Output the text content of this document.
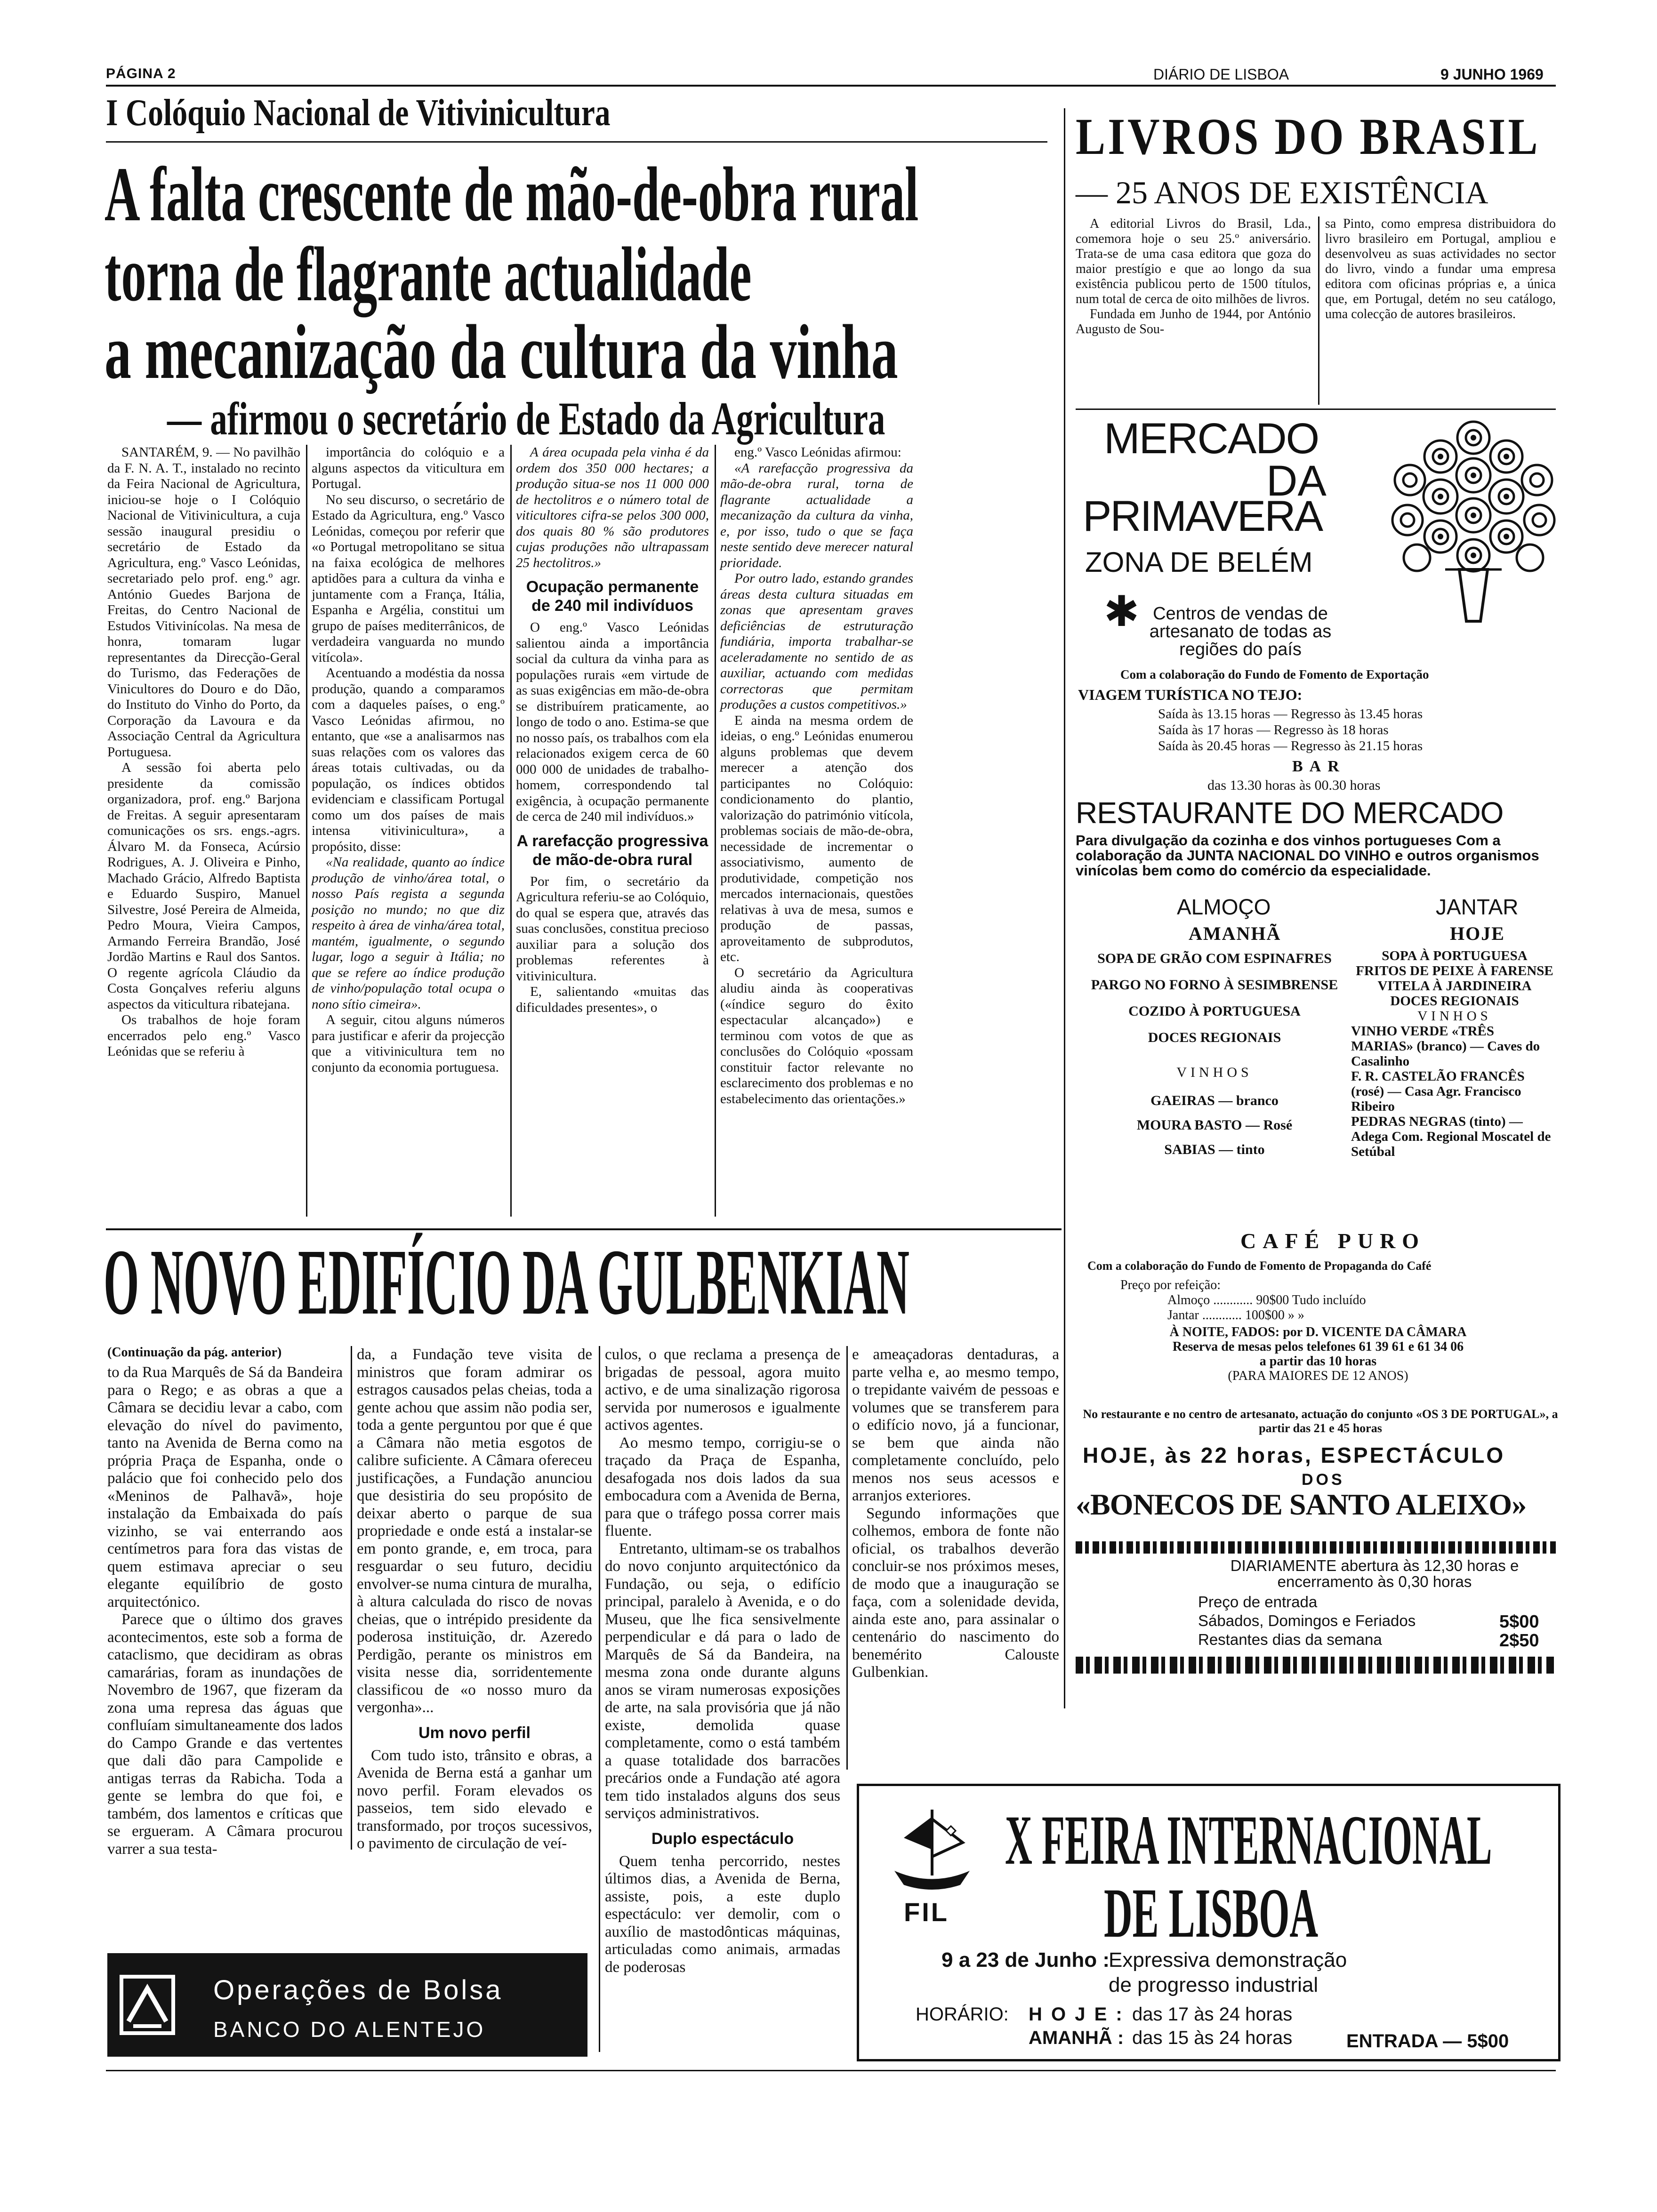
PÁGINA 2	DIÁRIO DE LISBOA	9 JUNHO 1969
I Colóquio Nacional de Vitivinicultura
A falta crescente de mão-de-obra rural
torna de flagrante actualidade
a mecanização da cultura da vinha
— afirmou o secretário de Estado da Agricultura

SANTARÉM, 9. — No pavilhão da F. N. A. T., instalado no recinto da Feira Nacional de Agricultura, iniciou-se hoje o I Colóquio Nacional de Vitivinicultura, a cuja sessão inaugural presidiu o secretário de Estado da Agricultura, eng.º Vasco Leónidas, secretariado pelo prof. eng.º agr. António Guedes Barjona de Freitas, do Centro Nacional de Estudos Vitivinícolas. Na mesa de honra, tomaram lugar representantes da Direcção-Geral do Turismo, das Federações de Vinicultores do Douro e do Dão, do Instituto do Vinho do Porto, da Corporação da Lavoura e da Associação Central da Agricultura Portuguesa.

A sessão foi aberta pelo presidente da comissão organizadora, prof. eng.º Barjona de Freitas. A seguir apresentaram comunicações os srs. engs.-agrs. Álvaro M. da Fonseca, Acúrsio Rodrigues, A. J. Oliveira e Pinho, Machado Grácio, Alfredo Baptista e Eduardo Suspiro, Manuel Silvestre, José Pereira de Almeida, Pedro Moura, Vieira Campos, Armando Ferreira Brandão, José Jordão Martins e Raul dos Santos. O regente agrícola Cláudio da Costa Gonçalves referiu alguns aspectos da viticultura ribatejana.

Os trabalhos de hoje foram encerrados pelo eng.º Vasco Leónidas que se referiu à

importância do colóquio e a alguns aspectos da viticultura em Portugal.

No seu discurso, o secretário de Estado da Agricultura, eng.º Vasco Leónidas, começou por referir que «o Portugal metropolitano se situa na faixa ecológica de melhores aptidões para a cultura da vinha e juntamente com a França, Itália, Espanha e Argélia, constitui um grupo de países mediterrânicos, de verdadeira vanguarda no mundo vitícola».

Acentuando a modéstia da nossa produção, quando a comparamos com a daqueles países, o eng.º Vasco Leónidas afirmou, no entanto, que «se a analisarmos nas suas relações com os valores das áreas totais cultivadas, ou da população, os índices obtidos evidenciam e classificam Portugal como um dos países de mais intensa vitivinicultura», a propósito, disse:

«Na realidade, quanto ao índice produção de vinho/área total, o nosso País regista a segunda posição no mundo; no que diz respeito à área de vinha/área total, mantém, igualmente, o segundo lugar, logo a seguir à Itália; no que se refere ao índice produção de vinho/população total ocupa o nono sítio cimeira».

A seguir, citou alguns números para justificar e aferir da projecção que a vitivinicultura tem no conjunto da economia portuguesa.

A área ocupada pela vinha é da ordem dos 350 000 hectares; a produção situa-se nos 11 000 000 de hectolitros e o número total de viticultores cifra-se pelos 300 000, dos quais 80 % são produtores cujas produções não ultrapassam 25 hectolitros.»

Ocupação permanente de 240 mil indivíduos

O eng.º Vasco Leónidas salientou ainda a importância social da cultura da vinha para as populações rurais «em virtude de as suas exigências em mão-de-obra se distribuírem praticamente, ao longo de todo o ano. Estima-se que no nosso país, os trabalhos com ela relacionados exigem cerca de 60 000 000 de unidades de trabalho-homem, correspondendo tal exigência, à ocupação permanente de cerca de 240 mil indivíduos.»

A rarefacção progressiva de mão-de-obra rural

Por fim, o secretário da Agricultura referiu-se ao Colóquio, do qual se espera que, através das suas conclusões, constitua precioso auxiliar para a solução dos problemas referentes à vitivinicultura.

E, salientando «muitas das dificuldades presentes», o

eng.º Vasco Leónidas afirmou:

«A rarefacção progressiva da mão-de-obra rural, torna de flagrante actualidade a mecanização da cultura da vinha, e, por isso, tudo o que se faça neste sentido deve merecer natural prioridade.

Por outro lado, estando grandes áreas desta cultura situadas em zonas que apresentam graves deficiências de estruturação fundiária, importa trabalhar-se aceleradamente no sentido de as auxiliar, actuando com medidas correctoras que permitam produções a custos competitivos.»

E ainda na mesma ordem de ideias, o eng.º Leónidas enumerou alguns problemas que devem merecer a atenção dos participantes no Colóquio: condicionamento do plantio, valorização do património vitícola, problemas sociais de mão-de-obra, necessidade de incrementar o associativismo, aumento de produtividade, competição nos mercados internacionais, questões relativas à uva de mesa, sumos e produção de passas, aproveitamento de subprodutos, etc.

O secretário da Agricultura aludiu ainda às cooperativas («índice seguro do êxito espectacular alcançado») e terminou com votos de que as conclusões do Colóquio «possam constituir factor relevante no esclarecimento dos problemas e no estabelecimento das orientações.»

LIVROS DO BRASIL
— 25 ANOS DE EXISTÊNCIA

A editorial Livros do Brasil, Lda., comemora hoje o seu 25.º aniversário. Trata-se de uma casa editora que goza do maior prestígio e que ao longo da sua existência publicou perto de 1500 títulos, num total de cerca de oito milhões de livros.

Fundada em Junho de 1944, por António Augusto de Sou-

sa Pinto, como empresa distribuidora do livro brasileiro em Portugal, ampliou e desenvolveu as suas actividades no sector do livro, vindo a fundar uma empresa editora com oficinas próprias e, a única que, em Portugal, detém no seu catálogo, uma colecção de autores brasileiros.

MERCADO
DA
PRIMAVERA
ZONA DE BELÉM
✱ Centros de vendas de artesanato de todas as regiões do país
Com a colaboração do Fundo de Fomento de Exportação
VIAGEM TURÍSTICA NO TEJO:
Saída às 13.15 horas — Regresso às 13.45 horas
Saída às 17 horas — Regresso às 18 horas
Saída às 20.45 horas — Regresso às 21.15 horas
BAR
das 13.30 horas às 00.30 horas
RESTAURANTE DO MERCADO
Para divulgação da cozinha e dos vinhos portugueses Com a colaboração da JUNTA NACIONAL DO VINHO e outros organismos vinícolas bem como do comércio da especialidade.
ALMOÇO	JANTAR
AMANHÃ	HOJE
SOPA DE GRÃO COM ESPINAFRES
PARGO NO FORNO À SESIMBRENSE
COZIDO À PORTUGUESA
DOCES REGIONAIS
VINHOS
GAEIRAS — branco
MOURA BASTO — Rosé
SABIAS — tinto
SOPA À PORTUGUESA
FRITOS DE PEIXE À FARENSE
VITELA À JARDINEIRA
DOCES REGIONAIS
VINHOS
VINHO VERDE «TRÊS MARIAS» (branco) — Caves do Casalinho
F. R. CASTELÃO FRANCÊS (rosé) — Casa Agr. Francisco Ribeiro
PEDRAS NEGRAS (tinto) — Adega Com. Regional Moscatel de Setúbal
CAFÉ PURO
Com a colaboração do Fundo de Fomento de Propaganda do Café
Preço por refeição:
Almoço ............ 90$00 Tudo incluído
Jantar ............ 100$00 » »
À NOITE, FADOS: por D. VICENTE DA CÂMARA
Reserva de mesas pelos telefones 61 39 61 e 61 34 06
a partir das 10 horas
(PARA MAIORES DE 12 ANOS)
No restaurante e no centro de artesanato, actuação do conjunto «OS 3 DE PORTUGAL», a partir das 21 e 45 horas
HOJE, às 22 horas, ESPECTÁCULO
DOS
«BONECOS DE SANTO ALEIXO»
DIARIAMENTE abertura às 12,30 horas e encerramento às 0,30 horas
Preço de entrada
Sábados, Domingos e Feriados	5$00
Restantes dias da semana	2$50
O NOVO EDIFÍCIO DA GULBENKIAN
(Continuação da pág. anterior)

to da Rua Marquês de Sá da Bandeira para o Rego; e as obras a que a Câmara se decidiu levar a cabo, com elevação do nível do pavimento, tanto na Avenida de Berna como na própria Praça de Espanha, onde o palácio que foi conhecido pelo dos «Meninos de Palhavã», hoje instalação da Embaixada do país vizinho, se vai enterrando aos centímetros para fora das vistas de quem estimava apreciar o seu elegante equilíbrio de gosto arquitectónico.

Parece que o último dos graves acontecimentos, este sob a forma de cataclismo, que decidiram as obras camarárias, foram as inundações de Novembro de 1967, que fizeram da zona uma represa das águas que confluíam simultaneamente dos lados do Campo Grande e das vertentes que dali dão para Campolide e antigas terras da Rabicha. Toda a gente se lembra do que foi, e também, dos lamentos e críticas que se ergueram. A Câmara procurou varrer a sua testa-

da, a Fundação teve visita de ministros que foram admirar os estragos causados pelas cheias, toda a gente achou que assim não podia ser, toda a gente perguntou por que é que a Câmara não metia esgotos de calibre suficiente. A Câmara ofereceu justificações, a Fundação anunciou que desistiria do seu propósito de deixar aberto o parque de sua propriedade e onde está a instalar-se em ponto grande, e, em troca, para resguardar o seu futuro, decidiu envolver-se numa cintura de muralha, à altura calculada do risco de novas cheias, que o intrépido presidente da poderosa instituição, dr. Azeredo Perdigão, perante os ministros em visita nesse dia, sorridentemente classificou de «o nosso muro da vergonha»...

Um novo perfil

Com tudo isto, trânsito e obras, a Avenida de Berna está a ganhar um novo perfil. Foram elevados os passeios, tem sido elevado e transformado, por troços sucessivos, o pavimento de circulação de veí-

culos, o que reclama a presença de brigadas de pessoal, agora muito activo, e de uma sinalização rigorosa servida por numerosos e igualmente activos agentes.

Ao mesmo tempo, corrigiu-se o traçado da Praça de Espanha, desafogada nos dois lados da sua embocadura com a Avenida de Berna, para que o tráfego possa correr mais fluente.

Entretanto, ultimam-se os trabalhos do novo conjunto arquitectónico da Fundação, ou seja, o edifício principal, paralelo à Avenida, e o do Museu, que lhe fica sensivelmente perpendicular e dá para o lado de Marquês de Sá da Bandeira, na mesma zona onde durante alguns anos se viram numerosas exposições de arte, na sala provisória que já não existe, demolida quase completamente, como o está também a quase totalidade dos barracões precários onde a Fundação até agora tem tido instalados alguns dos seus serviços administrativos.

Duplo espectáculo

Quem tenha percorrido, nestes últimos dias, a Avenida de Berna, assiste, pois, a este duplo espectáculo: ver demolir, com o auxílio de mastodônticas máquinas, articuladas como animais, armadas de poderosas

e ameaçadoras dentaduras, a parte velha e, ao mesmo tempo, o trepidante vaivém de pessoas e volumes que se transferem para o edifício novo, já a funcionar, se bem que ainda não completamente concluído, pelo menos nos seus acessos e arranjos exteriores.

Segundo informações que colhemos, embora de fonte não oficial, os trabalhos deverão concluir-se nos próximos meses, de modo que a inauguração se faça, com a solenidade devida, ainda este ano, para assinalar o centenário do nascimento do benemérito Calouste Gulbenkian.

Operações de Bolsa
BANCO DO ALENTEJO
FIL
X FEIRA INTERNACIONAL
DE LISBOA
9 a 23 de Junho :
Expressiva demonstração
de progresso industrial
HORÁRIO: H O J E : das 17 às 24 horas
AMANHÃ : das 15 às 24 horas	ENTRADA — 5$00
